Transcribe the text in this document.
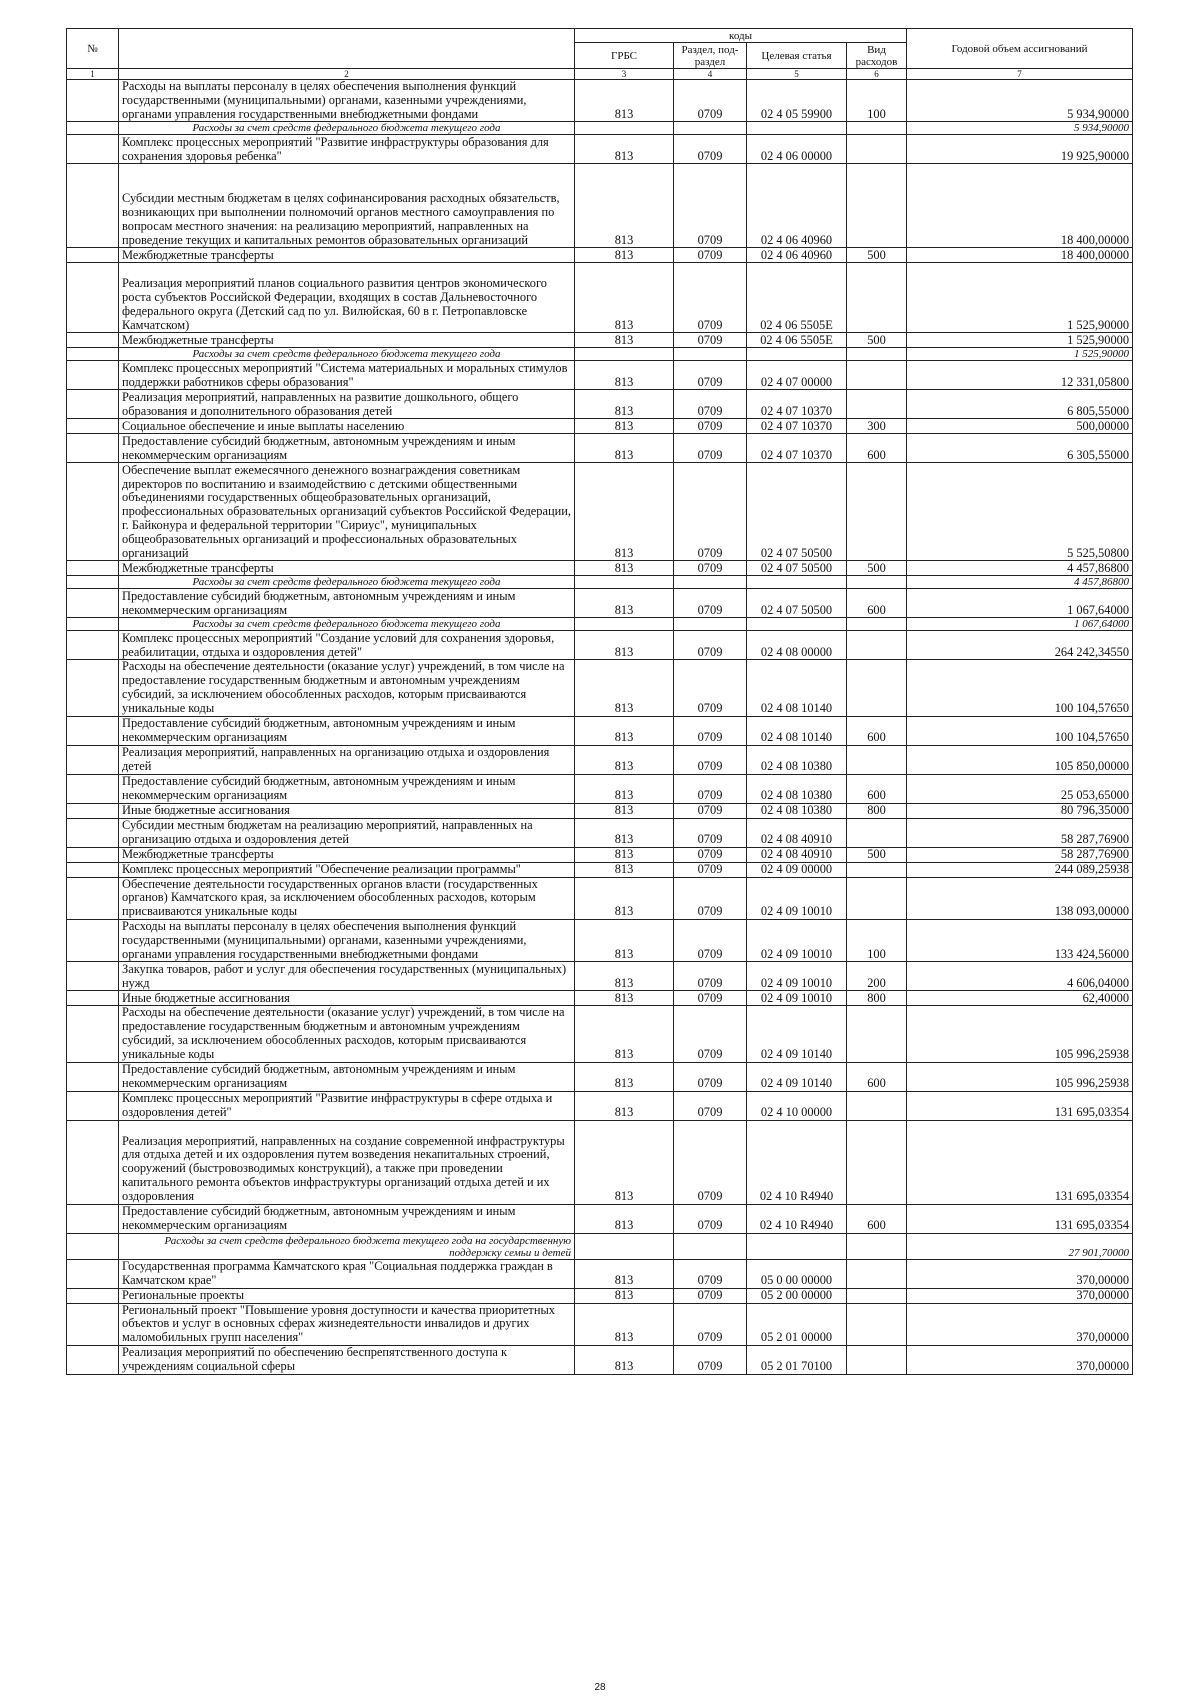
№		коды				Годовой объем ассигнований
		ГРБС	Раздел, под-раздел	Целевая статья	Вид расходов	
1	2	3	4	5	6	7
	Расходы на выплаты персоналу в целях обеспечения выполнения функций государственными (муниципальными) органами, казенными учреждениями, органами управления государственными внебюджетными фондами	813	0709	02 4 05 59900	100	5 934,90000
	Расходы за счет средств федерального бюджета текущего года					5 934,90000
	Комплекс процессных мероприятий "Развитие инфраструктуры образования для сохранения здоровья ребенка"	813	0709	02 4 06 00000		19 925,90000
	Субсидии местным бюджетам в целях софинансирования расходных обязательств, возникающих при выполнении полномочий органов местного самоуправления по вопросам местного значения: на реализацию мероприятий, направленных на проведение текущих и капитальных ремонтов образовательных организаций	813	0709	02 4 06 40960		18 400,00000
	Межбюджетные трансферты	813	0709	02 4 06 40960	500	18 400,00000
	Реализация мероприятий планов социального развития центров экономического роста субъектов Российской Федерации, входящих в состав Дальневосточного федерального округа (Детский сад по ул. Вилюйская, 60 в г. Петропавловске Камчатском)	813	0709	02 4 06 5505E		1 525,90000
	Межбюджетные трансферты	813	0709	02 4 06 5505E	500	1 525,90000
	Расходы за счет средств федерального бюджета текущего года					1 525,90000
	Комплекс процессных мероприятий "Система материальных и моральных стимулов поддержки работников сферы образования"	813	0709	02 4 07 00000		12 331,05800
	Реализация мероприятий, направленных на развитие дошкольного, общего образования и дополнительного образования детей	813	0709	02 4 07 10370		6 805,55000
	Социальное обеспечение и иные выплаты населению	813	0709	02 4 07 10370	300	500,00000
	Предоставление субсидий бюджетным, автономным учреждениям и иным некоммерческим организациям	813	0709	02 4 07 10370	600	6 305,55000
	Обеспечение выплат ежемесячного денежного вознаграждения советникам директоров по воспитанию и взаимодействию с детскими общественными объединениями государственных общеобразовательных организаций, профессиональных образовательных организаций субъектов Российской Федерации, г. Байконура и федеральной территории "Сириус", муниципальных общеобразовательных организаций и профессиональных образовательных организаций	813	0709	02 4 07 50500		5 525,50800
	Межбюджетные трансферты	813	0709	02 4 07 50500	500	4 457,86800
	Расходы за счет средств федерального бюджета текущего года					4 457,86800
	Предоставление субсидий бюджетным, автономным учреждениям и иным некоммерческим организациям	813	0709	02 4 07 50500	600	1 067,64000
	Расходы за счет средств федерального бюджета текущего года					1 067,64000
	Комплекс процессных мероприятий "Создание условий для сохранения здоровья, реабилитации, отдыха и оздоровления детей"	813	0709	02 4 08 00000		264 242,34550
	Расходы на обеспечение деятельности (оказание услуг) учреждений, в том числе на предоставление государственным бюджетным и автономным учреждениям субсидий, за исключением обособленных расходов, которым присваиваются уникальные коды	813	0709	02 4 08 10140		100 104,57650
	Предоставление субсидий бюджетным, автономным учреждениям и иным некоммерческим организациям	813	0709	02 4 08 10140	600	100 104,57650
	Реализация мероприятий, направленных на организацию отдыха и оздоровления детей	813	0709	02 4 08 10380		105 850,00000
	Предоставление субсидий бюджетным, автономным учреждениям и иным некоммерческим организациям	813	0709	02 4 08 10380	600	25 053,65000
	Иные бюджетные ассигнования	813	0709	02 4 08 10380	800	80 796,35000
	Субсидии местным бюджетам на реализацию мероприятий, направленных на организацию отдыха и оздоровления детей	813	0709	02 4 08 40910		58 287,76900
	Межбюджетные трансферты	813	0709	02 4 08 40910	500	58 287,76900
	Комплекс процессных мероприятий "Обеспечение реализации программы"	813	0709	02 4 09 00000		244 089,25938
	Обеспечение деятельности государственных органов власти (государственных органов) Камчатского края, за исключением обособленных расходов, которым присваиваются уникальные коды	813	0709	02 4 09 10010		138 093,00000
	Расходы на выплаты персоналу в целях обеспечения выполнения функций государственными (муниципальными) органами, казенными учреждениями, органами управления государственными внебюджетными фондами	813	0709	02 4 09 10010	100	133 424,56000
	Закупка товаров, работ и услуг для обеспечения государственных (муниципальных) нужд	813	0709	02 4 09 10010	200	4 606,04000
	Иные бюджетные ассигнования	813	0709	02 4 09 10010	800	62,40000
	Расходы на обеспечение деятельности (оказание услуг) учреждений, в том числе на предоставление государственным бюджетным и автономным учреждениям субсидий, за исключением обособленных расходов, которым присваиваются уникальные коды	813	0709	02 4 09 10140		105 996,25938
	Предоставление субсидий бюджетным, автономным учреждениям и иным некоммерческим организациям	813	0709	02 4 09 10140	600	105 996,25938
	Комплекс процессных мероприятий "Развитие инфраструктуры в сфере отдыха и оздоровления детей"	813	0709	02 4 10 00000		131 695,03354
	Реализация мероприятий, направленных на создание современной инфраструктуры для отдыха детей и их оздоровления путем возведения некапитальных строений, сооружений (быстровозводимых конструкций), а также при проведении капитального ремонта объектов инфраструктуры организаций отдыха детей и их оздоровления	813	0709	02 4 10 R4940		131 695,03354
	Предоставление субсидий бюджетным, автономным учреждениям и иным некоммерческим организациям	813	0709	02 4 10 R4940	600	131 695,03354
	Расходы за счет средств федерального бюджета текущего года на государственную поддержку семьи и детей					27 901,70000
	Государственная программа Камчатского края "Социальная поддержка граждан в Камчатском крае"	813	0709	05 0 00 00000		370,00000
	Региональные проекты	813	0709	05 2 00 00000		370,00000
	Региональный проект "Повышение уровня доступности и качества приоритетных объектов и услуг в основных сферах жизнедеятельности инвалидов и других маломобильных групп населения"	813	0709	05 2 01 00000		370,00000
	Реализация мероприятий по обеспечению беспрепятственного доступа к учреждениям социальной сферы	813	0709	05 2 01 70100		370,00000
28
